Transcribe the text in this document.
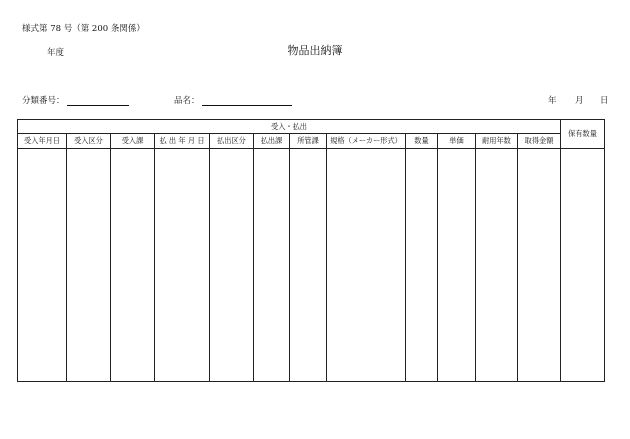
様式第 78 号（第 200 条関係）
年度	物品出納簿
分類番号：	品名：	年 月 日
受入・払出												保有数量
受入年月日	受入区分	受入課	払 出 年 月 日	払出区分	払出課	所管課	規格（メーカー形式）	数量	単価	耐用年数	取得金額	
